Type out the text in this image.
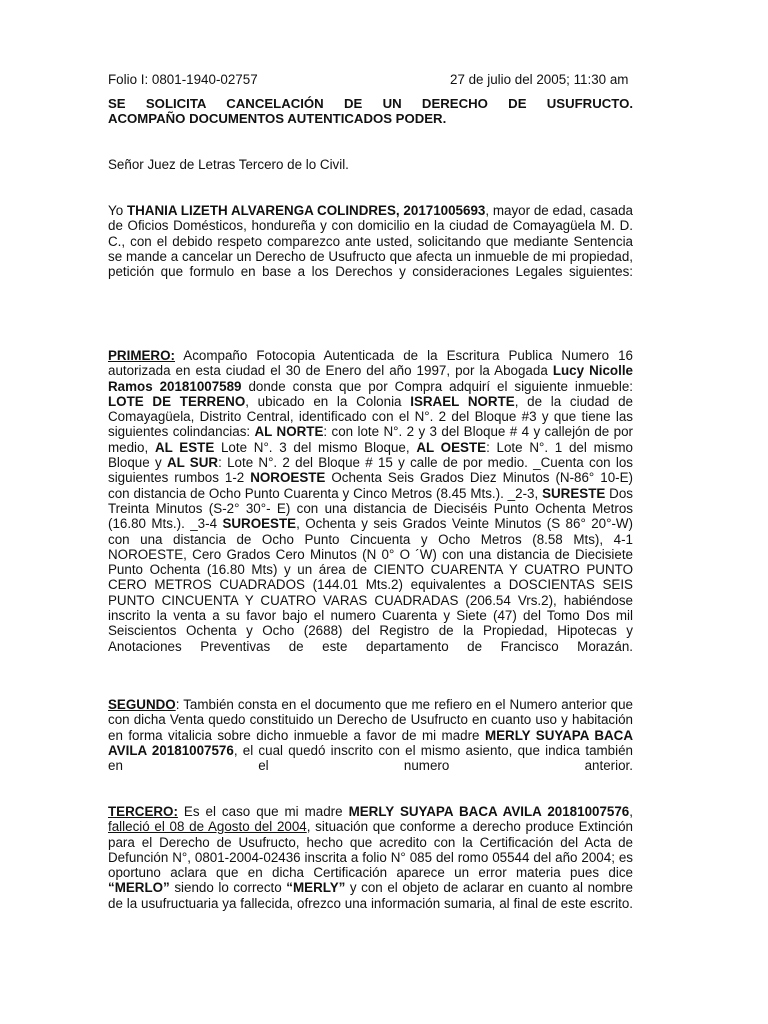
Folio I: 0801-1940-02757	27 de julio del 2005; 11:30 am
SE SOLICITA CANCELACIÓN DE UN DERECHO DE USUFRUCTO.
ACOMPAÑO DOCUMENTOS AUTENTICADOS PODER.
Señor Juez de Letras Tercero de lo Civil.

Yo THANIA LIZETH ALVARENGA COLINDRES, 20171005693, mayor de edad, casada de Oficios Domésticos, hondureña y con domicilio en la ciudad de Comayagüela M. D. C., con el debido respeto comparezco ante usted, solicitando que mediante Sentencia se mande a cancelar un Derecho de Usufructo que afecta un inmueble de mi propiedad, petición que formulo en base a los Derechos y consideraciones Legales siguientes:

PRIMERO: Acompaño Fotocopia Autenticada de la Escritura Publica Numero 16 autorizada en esta ciudad el 30 de Enero del año 1997, por la Abogada Lucy Nicolle Ramos 20181007589 donde consta que por Compra adquirí el siguiente inmueble: LOTE DE TERRENO, ubicado en la Colonia ISRAEL NORTE, de la ciudad de Comayagüela, Distrito Central, identificado con el N°. 2 del Bloque #3 y que tiene las siguientes colindancias: AL NORTE: con lote N°. 2 y 3 del Bloque # 4 y callejón de por medio, AL ESTE Lote N°. 3 del mismo Bloque, AL OESTE: Lote N°. 1 del mismo Bloque y AL SUR: Lote N°. 2 del Bloque # 15 y calle de por medio. _Cuenta con los siguientes rumbos 1-2 NOROESTE Ochenta Seis Grados Diez Minutos (N-86° 10-E) con distancia de Ocho Punto Cuarenta y Cinco Metros (8.45 Mts.). _2-3, SURESTE Dos Treinta Minutos (S-2° 30°- E) con una distancia de Dieciséis Punto Ochenta Metros (16.80 Mts.). _3-4 SUROESTE, Ochenta y seis Grados Veinte Minutos (S 86° 20°-W) con una distancia de Ocho Punto Cincuenta y Ocho Metros (8.58 Mts), 4-1 NOROESTE, Cero Grados Cero Minutos (N 0° O ´W) con una distancia de Diecisiete Punto Ochenta (16.80 Mts) y un área de CIENTO CUARENTA Y CUATRO PUNTO CERO METROS CUADRADOS (144.01 Mts.2) equivalentes a DOSCIENTAS SEIS PUNTO CINCUENTA Y CUATRO VARAS CUADRADAS (206.54 Vrs.2), habiéndose inscrito la venta a su favor bajo el numero Cuarenta y Siete (47) del Tomo Dos mil Seiscientos Ochenta y Ocho (2688) del Registro de la Propiedad, Hipotecas y Anotaciones Preventivas de este departamento de Francisco Morazán.

SEGUNDO: También consta en el documento que me refiero en el Numero anterior que con dicha Venta quedo constituido un Derecho de Usufructo en cuanto uso y habitación en forma vitalicia sobre dicho inmueble a favor de mi madre MERLY SUYAPA BACA AVILA 20181007576, el cual quedó inscrito con el mismo asiento, que indica también en el numero anterior.

TERCERO: Es el caso que mi madre MERLY SUYAPA BACA AVILA 20181007576, falleció el 08 de Agosto del 2004, situación que conforme a derecho produce Extinción para el Derecho de Usufructo, hecho que acredito con la Certificación del Acta de Defunción N°, 0801-2004-02436 inscrita a folio N° 085 del romo 05544 del año 2004; es oportuno aclara que en dicha Certificación aparece un error materia pues dice “MERLO” siendo lo correcto “MERLY” y con el objeto de aclarar en cuanto al nombre de la usufructuaria ya fallecida, ofrezco una información sumaria, al final de este escrito.
